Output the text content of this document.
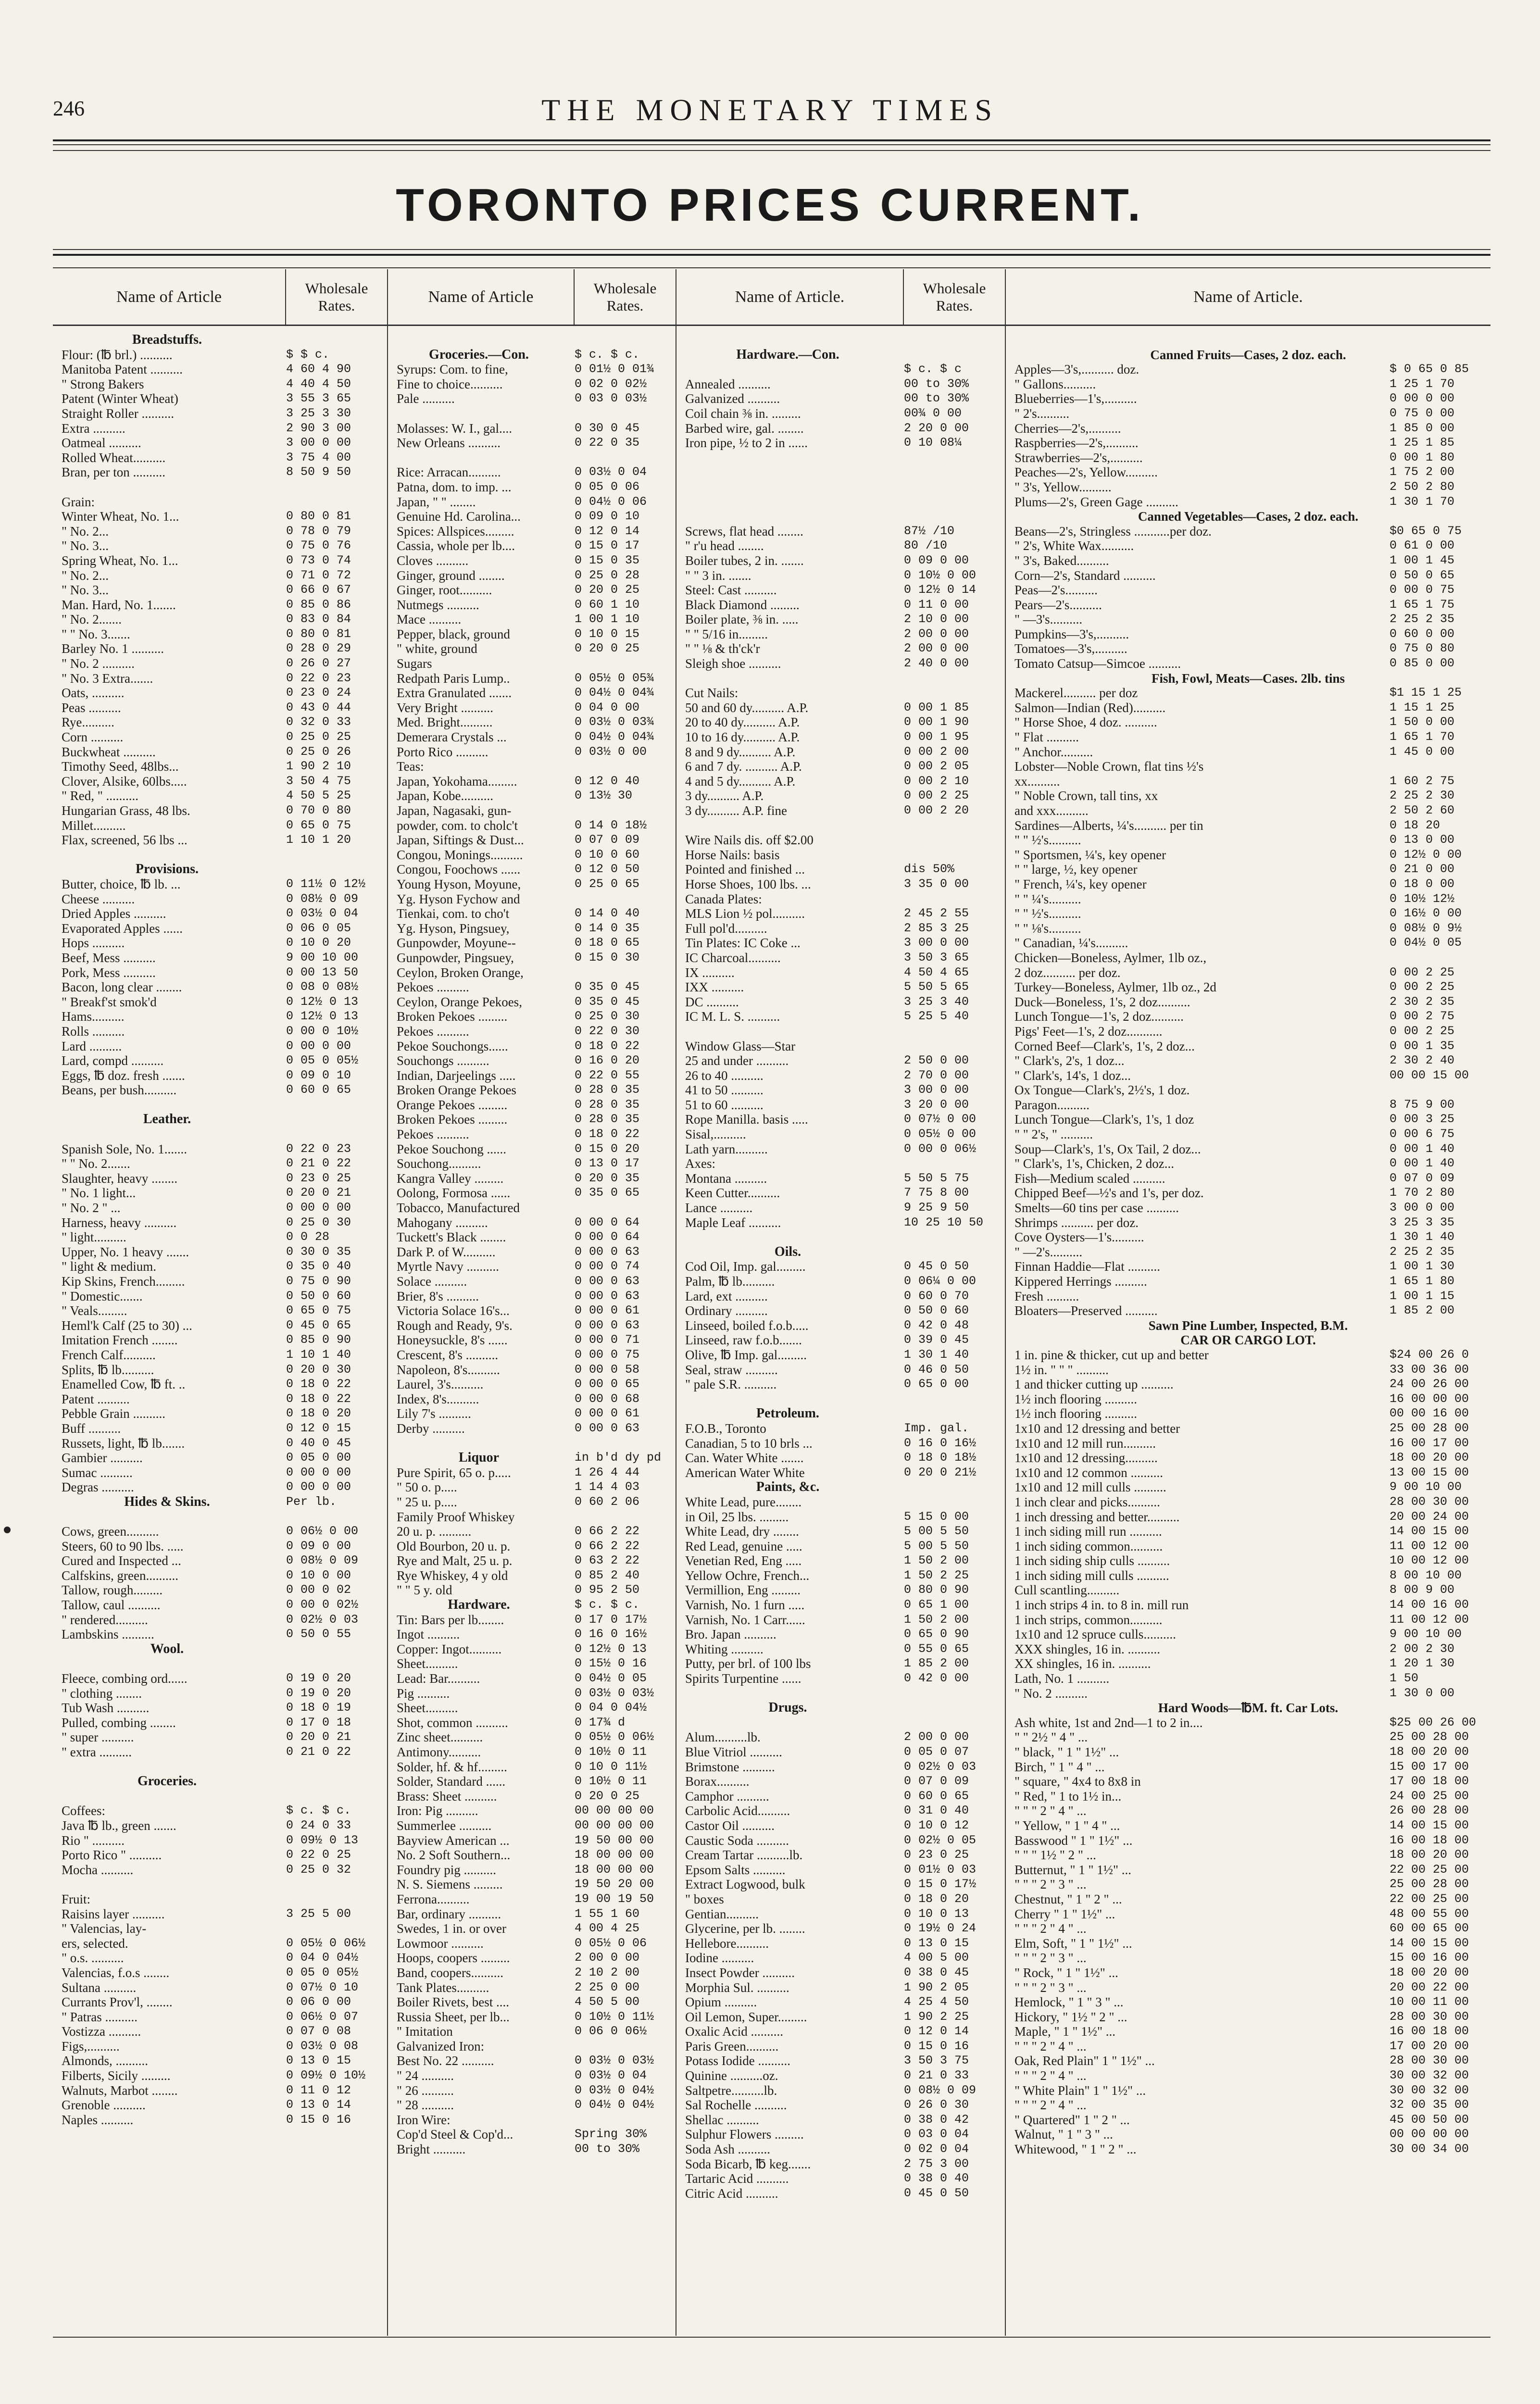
246	THE MONETARY TIMES
TORONTO PRICES CURRENT.
Name of Article	Wholesale Rates.
Breadstuffs.
Flour: (℔ brl.) ..........	$ $ c.
Manitoba Patent ..........	4 60 4 90
" Strong Bakers	4 40 4 50
Patent (Winter Wheat)	3 55 3 65
Straight Roller ..........	3 25 3 30
Extra ..........	2 90 3 00
Oatmeal ..........	3 00 0 00
Rolled Wheat..........	3 75 4 00
Bran, per ton ..........	8 50 9 50
Grain:
Winter Wheat, No. 1...	0 80 0 81
" No. 2...	0 78 0 79
" No. 3...	0 75 0 76
Spring Wheat, No. 1...	0 73 0 74
" No. 2...	0 71 0 72
" No. 3...	0 66 0 67
Man. Hard, No. 1.......	0 85 0 86
" No. 2.......	0 83 0 84
" " No. 3.......	0 80 0 81
Barley No. 1 ..........	0 28 0 29
" No. 2 ..........	0 26 0 27
" No. 3 Extra.......	0 22 0 23
Oats, ..........	0 23 0 24
Peas ..........	0 43 0 44
Rye..........	0 32 0 33
Corn ..........	0 25 0 25
Buckwheat ..........	0 25 0 26
Timothy Seed, 48lbs...	1 90 2 10
Clover, Alsike, 60lbs.....	3 50 4 75
" Red, " ..........	4 50 5 25
Hungarian Grass, 48 lbs.	0 70 0 80
Millet..........	0 65 0 75
Flax, screened, 56 lbs ...	1 10 1 20
Provisions.
Butter, choice, ℔ lb. ...	0 11½ 0 12½
Cheese ..........	0 08½ 0 09
Dried Apples ..........	0 03½ 0 04
Evaporated Apples ......	0 06 0 05
Hops ..........	0 10 0 20
Beef, Mess ..........	9 00 10 00
Pork, Mess ..........	0 00 13 50
Bacon, long clear ........	0 08 0 08½
" Breakf'st smok'd	0 12½ 0 13
Hams..........	0 12½ 0 13
Rolls ..........	0 00 0 10½
Lard ..........	0 00 0 00
Lard, compd ..........	0 05 0 05½
Eggs, ℔ doz. fresh .......	0 09 0 10
Beans, per bush..........	0 60 0 65
Leather.
Spanish Sole, No. 1.......	0 22 0 23
" " No. 2.......	0 21 0 22
Slaughter, heavy ........	0 23 0 25
" No. 1 light...	0 20 0 21
" No. 2 " ...	0 00 0 00
Harness, heavy ..........	0 25 0 30
" light..........	0 0 28
Upper, No. 1 heavy .......	0 30 0 35
" light & medium.	0 35 0 40
Kip Skins, French.........	0 75 0 90
" Domestic.......	0 50 0 60
" Veals.........	0 65 0 75
Heml'k Calf (25 to 30) ...	0 45 0 65
Imitation French ........	0 85 0 90
French Calf..........	1 10 1 40
Splits, ℔ lb..........	0 20 0 30
Enamelled Cow, ℔ ft. ..	0 18 0 22
Patent ..........	0 18 0 22
Pebble Grain ..........	0 18 0 20
Buff ..........	0 12 0 15
Russets, light, ℔ lb.......	0 40 0 45
Gambier ..........	0 05 0 00
Sumac ..........	0 00 0 00
Degras ..........	0 00 0 00
Hides & Skins.	Per lb.
Cows, green..........	0 06½ 0 00
Steers, 60 to 90 lbs. .....	0 09 0 00
Cured and Inspected ...	0 08½ 0 09
Calfskins, green..........	0 10 0 00
Tallow, rough.........	0 00 0 02
Tallow, caul ..........	0 00 0 02½
" rendered..........	0 02½ 0 03
Lambskins ..........	0 50 0 55
Wool.
Fleece, combing ord......	0 19 0 20
" clothing ........	0 19 0 20
Tub Wash ..........	0 18 0 19
Pulled, combing ........	0 17 0 18
" super ..........	0 20 0 21
" extra ..........	0 21 0 22
Groceries.
Coffees:	$ c. $ c.
Java ℔ lb., green .......	0 24 0 33
Rio " ..........	0 09½ 0 13
Porto Rico " ..........	0 22 0 25
Mocha ..........	0 25 0 32
Fruit:
Raisins layer ..........	3 25 5 00
" Valencias, lay-
ers, selected.	0 05½ 0 06½
" o.s. ..........	0 04 0 04½
Valencias, f.o.s ........	0 05 0 05½
Sultana ..........	0 07½ 0 10
Currants Prov'l, ........	0 06 0 00
" Patras ..........	0 06½ 0 07
Vostizza ..........	0 07 0 08
Figs,..........	0 03½ 0 08
Almonds, ..........	0 13 0 15
Filberts, Sicily .........	0 09½ 0 10½
Walnuts, Marbot ........	0 11 0 12
Grenoble ..........	0 13 0 14
Naples ..........	0 15 0 16
Name of Article	Wholesale Rates.
Groceries.—Con.	$ c. $ c.
Syrups: Com. to fine,	0 01½ 0 01¾
Fine to choice..........	0 02 0 02½
Pale ..........	0 03 0 03½
Molasses: W. I., gal....	0 30 0 45
New Orleans ..........	0 22 0 35
Rice: Arracan..........	0 03½ 0 04
Patna, dom. to imp. ...	0 05 0 06
Japan, " " ........	0 04½ 0 06
Genuine Hd. Carolina...	0 09 0 10
Spices: Allspices.........	0 12 0 14
Cassia, whole per lb....	0 15 0 17
Cloves ..........	0 15 0 35
Ginger, ground ........	0 25 0 28
Ginger, root..........	0 20 0 25
Nutmegs ..........	0 60 1 10
Mace ..........	1 00 1 10
Pepper, black, ground	0 10 0 15
" white, ground	0 20 0 25
Sugars
Redpath Paris Lump..	0 05½ 0 05¾
Extra Granulated .......	0 04½ 0 04¾
Very Bright ..........	0 04 0 00
Med. Bright..........	0 03½ 0 03¾
Demerara Crystals ...	0 04½ 0 04¾
Porto Rico ..........	0 03½ 0 00
Teas:
Japan, Yokohama.........	0 12 0 40
Japan, Kobe..........	0 13½ 30
Japan, Nagasaki, gun-
powder, com. to cholc't	0 14 0 18½
Japan, Siftings & Dust...	0 07 0 09
Congou, Monings..........	0 10 0 60
Congou, Foochows ......	0 12 0 50
Young Hyson, Moyune,	0 25 0 65
Yg. Hyson Fychow and
Tienkai, com. to cho't	0 14 0 40
Yg. Hyson, Pingsuey,	0 14 0 35
Gunpowder, Moyune--	0 18 0 65
Gunpowder, Pingsuey,	0 15 0 30
Ceylon, Broken Orange,
Pekoes ..........	0 35 0 45
Ceylon, Orange Pekoes,	0 35 0 45
Broken Pekoes .........	0 25 0 30
Pekoes ..........	0 22 0 30
Pekoe Souchongs......	0 18 0 22
Souchongs ..........	0 16 0 20
Indian, Darjeelings .....	0 22 0 55
Broken Orange Pekoes	0 28 0 35
Orange Pekoes .........	0 28 0 35
Broken Pekoes .........	0 28 0 35
Pekoes ..........	0 18 0 22
Pekoe Souchong ......	0 15 0 20
Souchong..........	0 13 0 17
Kangra Valley .........	0 20 0 35
Oolong, Formosa ......	0 35 0 65
Tobacco, Manufactured
Mahogany ..........	0 00 0 64
Tuckett's Black ........	0 00 0 64
Dark P. of W..........	0 00 0 63
Myrtle Navy ..........	0 00 0 74
Solace ..........	0 00 0 63
Brier, 8's ..........	0 00 0 63
Victoria Solace 16's...	0 00 0 61
Rough and Ready, 9's.	0 00 0 63
Honeysuckle, 8's ......	0 00 0 71
Crescent, 8's ..........	0 00 0 75
Napoleon, 8's..........	0 00 0 58
Laurel, 3's..........	0 00 0 65
Index, 8's..........	0 00 0 68
Lily 7's ..........	0 00 0 61
Derby ..........	0 00 0 63
Liquor	in b'd dy pd
Pure Spirit, 65 o. p.....	1 26 4 44
" 50 o. p.....	1 14 4 03
" 25 u. p.....	0 60 2 06
Family Proof Whiskey
20 u. p. ..........	0 66 2 22
Old Bourbon, 20 u. p.	0 66 2 22
Rye and Malt, 25 u. p.	0 63 2 22
Rye Whiskey, 4 y old	0 85 2 40
" " 5 y. old	0 95 2 50
Hardware.	$ c. $ c.
Tin: Bars per lb........	0 17 0 17½
Ingot ..........	0 16 0 16½
Copper: Ingot..........	0 12½ 0 13
Sheet..........	0 15½ 0 16
Lead: Bar..........	0 04½ 0 05
Pig ..........	0 03½ 0 03½
Sheet..........	0 04 0 04½
Shot, common ..........	0 17¾ d
Zinc sheet..........	0 05½ 0 06½
Antimony..........	0 10½ 0 11
Solder, hf. & hf.........	0 10 0 11½
Solder, Standard ......	0 10½ 0 11
Brass: Sheet ..........	0 20 0 25
Iron: Pig ..........	00 00 00 00
Summerlee ..........	00 00 00 00
Bayview American ...	19 50 00 00
No. 2 Soft Southern...	18 00 00 00
Foundry pig ..........	18 00 00 00
N. S. Siemens .........	19 50 20 00
Ferrona..........	19 00 19 50
Bar, ordinary ..........	1 55 1 60
Swedes, 1 in. or over	4 00 4 25
Lowmoor ..........	0 05½ 0 06
Hoops, coopers .........	2 00 0 00
Band, coopers..........	2 10 2 00
Tank Plates..........	2 25 0 00
Boiler Rivets, best ....	4 50 5 00
Russia Sheet, per lb...	0 10½ 0 11½
" Imitation	0 06 0 06½
Galvanized Iron:
Best No. 22 ..........	0 03½ 0 03½
" 24 ..........	0 03½ 0 04
" 26 ..........	0 03½ 0 04½
" 28 ..........	0 04½ 0 04½
Iron Wire:
Cop'd Steel & Cop'd...	Spring 30%
Bright ..........	00 to 30%
Name of Article.	Wholesale Rates.
Hardware.—Con.
$ c. $ c
Annealed ..........	00 to 30%
Galvanized ..........	00 to 30%
Coil chain ⅜ in. .........	00¾ 0 00
Barbed wire, gal. ........	2 20 0 00
Iron pipe, ½ to 2 in ......	0 10 08¼
Screws, flat head ........	87½ /10
" r'u head ........	80 /10
Boiler tubes, 2 in. .......	0 09 0 00
" " 3 in. .......	0 10½ 0 00
Steel: Cast ..........	0 12½ 0 14
Black Diamond .........	0 11 0 00
Boiler plate, ⅜ in. .....	2 10 0 00
" " 5/16 in.........	2 00 0 00
" " ⅛ & th'ck'r	2 00 0 00
Sleigh shoe ..........	2 40 0 00
Cut Nails:
50 and 60 dy.......... A.P.	0 00 1 85
20 to 40 dy.......... A.P.	0 00 1 90
10 to 16 dy.......... A.P.	0 00 1 95
8 and 9 dy.......... A.P.	0 00 2 00
6 and 7 dy. .......... A.P.	0 00 2 05
4 and 5 dy.......... A.P.	0 00 2 10
3 dy.......... A.P.	0 00 2 25
3 dy.......... A.P. fine	0 00 2 20
Wire Nails dis. off $2.00
Horse Nails: basis
Pointed and finished ...	dis 50%
Horse Shoes, 100 lbs. ...	3 35 0 00
Canada Plates:
MLS Lion ½ pol..........	2 45 2 55
Full pol'd..........	2 85 3 25
Tin Plates: IC Coke ...	3 00 0 00
IC Charcoal..........	3 50 3 65
IX ..........	4 50 4 65
IXX ..........	5 50 5 65
DC ..........	3 25 3 40
IC M. L. S. ..........	5 25 5 40
Window Glass—Star
25 and under ..........	2 50 0 00
26 to 40 ..........	2 70 0 00
41 to 50 ..........	3 00 0 00
51 to 60 ..........	3 20 0 00
Rope Manilla. basis .....	0 07½ 0 00
Sisal,..........	0 05½ 0 00
Lath yarn..........	0 00 0 06½
Axes:
Montana ..........	5 50 5 75
Keen Cutter..........	7 75 8 00
Lance ..........	9 25 9 50
Maple Leaf ..........	10 25 10 50
Oils.
Cod Oil, Imp. gal.........	0 45 0 50
Palm, ℔ lb..........	0 06¼ 0 00
Lard, ext ..........	0 60 0 70
Ordinary ..........	0 50 0 60
Linseed, boiled f.o.b.....	0 42 0 48
Linseed, raw f.o.b.......	0 39 0 45
Olive, ℔ Imp. gal.........	1 30 1 40
Seal, straw ..........	0 46 0 50
" pale S.R. ..........	0 65 0 00
Petroleum.
F.O.B., Toronto	Imp. gal.
Canadian, 5 to 10 brls ...	0 16 0 16½
Can. Water White .......	0 18 0 18½
American Water White	0 20 0 21½
Paints, &c.
White Lead, pure........
in Oil, 25 lbs. .........	5 15 0 00
White Lead, dry ........	5 00 5 50
Red Lead, genuine .....	5 00 5 50
Venetian Red, Eng .....	1 50 2 00
Yellow Ochre, French...	1 50 2 25
Vermillion, Eng .........	0 80 0 90
Varnish, No. 1 furn .....	0 65 1 00
Varnish, No. 1 Carr......	1 50 2 00
Bro. Japan ..........	0 65 0 90
Whiting ..........	0 55 0 65
Putty, per brl. of 100 lbs	1 85 2 00
Spirits Turpentine ......	0 42 0 00
Drugs.
Alum..........lb.	2 00 0 00
Blue Vitriol ..........	0 05 0 07
Brimstone ..........	0 02½ 0 03
Borax..........	0 07 0 09
Camphor ..........	0 60 0 65
Carbolic Acid..........	0 31 0 40
Castor Oil ..........	0 10 0 12
Caustic Soda ..........	0 02½ 0 05
Cream Tartar ..........lb.	0 23 0 25
Epsom Salts ..........	0 01½ 0 03
Extract Logwood, bulk	0 15 0 17½
" boxes	0 18 0 20
Gentian..........	0 10 0 13
Glycerine, per lb. ........	0 19½ 0 24
Hellebore..........	0 13 0 15
Iodine ..........	4 00 5 00
Insect Powder ..........	0 38 0 45
Morphia Sul. ..........	1 90 2 05
Opium ..........	4 25 4 50
Oil Lemon, Super.........	1 90 2 25
Oxalic Acid ..........	0 12 0 14
Paris Green..........	0 15 0 16
Potass Iodide ..........	3 50 3 75
Quinine ..........oz.	0 21 0 33
Saltpetre..........lb.	0 08½ 0 09
Sal Rochelle ..........	0 26 0 30
Shellac ..........	0 38 0 42
Sulphur Flowers .........	0 03 0 04
Soda Ash ..........	0 02 0 04
Soda Bicarb, ℔ keg.......	2 75 3 00
Tartaric Acid ..........	0 38 0 40
Citric Acid ..........	0 45 0 50
Name of Article.
Canned Fruits—Cases, 2 doz. each.
Apples—3's,.......... doz.	$ 0 65 0 85
" Gallons..........	1 25 1 70
Blueberries—1's,..........	0 00 0 00
" 2's..........	0 75 0 00
Cherries—2's,..........	1 85 0 00
Raspberries—2's,..........	1 25 1 85
Strawberries—2's,..........	0 00 1 80
Peaches—2's, Yellow..........	1 75 2 00
" 3's, Yellow..........	2 50 2 80
Plums—2's, Green Gage ..........	1 30 1 70
Canned Vegetables—Cases, 2 doz. each.
Beans—2's, Stringless ...........per doz.	$0 65 0 75
" 2's, White Wax..........	0 61 0 00
" 3's, Baked..........	1 00 1 45
Corn—2's, Standard ..........	0 50 0 65
Peas—2's..........	0 00 0 75
Pears—2's..........	1 65 1 75
" —3's..........	2 25 2 35
Pumpkins—3's,..........	0 60 0 00
Tomatoes—3's,..........	0 75 0 80
Tomato Catsup—Simcoe ..........	0 85 0 00
Fish, Fowl, Meats—Cases. 2lb. tins
Mackerel.......... per doz	$1 15 1 25
Salmon—Indian (Red)..........	1 15 1 25
" Horse Shoe, 4 doz. ..........	1 50 0 00
" Flat ..........	1 65 1 70
" Anchor..........	1 45 0 00
Lobster—Noble Crown, flat tins ½'s
xx..........	1 60 2 75
" Noble Crown, tall tins, xx	2 25 2 30
and xxx..........	2 50 2 60
Sardines—Alberts, ¼'s.......... per tin	0 18 20
" " ½'s..........	0 13 0 00
" Sportsmen, ¼'s, key opener	0 12½ 0 00
" " large, ½, key opener	0 21 0 00
" French, ¼'s, key opener	0 18 0 00
" " ¼'s..........	0 10½ 12½
" " ½'s..........	0 16½ 0 00
" " ⅛'s..........	0 08½ 0 9½
" Canadian, ¼'s..........	0 04½ 0 05
Chicken—Boneless, Aylmer, 1lb oz.,
2 doz.......... per doz.	0 00 2 25
Turkey—Boneless, Aylmer, 1lb oz., 2d	0 00 2 25
Duck—Boneless, 1's, 2 doz..........	2 30 2 35
Lunch Tongue—1's, 2 doz..........	0 00 2 75
Pigs' Feet—1's, 2 doz...........	0 00 2 25
Corned Beef—Clark's, 1's, 2 doz...	0 00 1 35
" Clark's, 2's, 1 doz...	2 30 2 40
" Clark's, 14's, 1 doz...	00 00 15 00
Ox Tongue—Clark's, 2½'s, 1 doz.
Paragon..........	8 75 9 00
Lunch Tongue—Clark's, 1's, 1 doz	0 00 3 25
" " 2's, " ..........	0 00 6 75
Soup—Clark's, 1's, Ox Tail, 2 doz...	0 00 1 40
" Clark's, 1's, Chicken, 2 doz...	0 00 1 40
Fish—Medium scaled ..........	0 07 0 09
Chipped Beef—½'s and 1's, per doz.	1 70 2 80
Smelts—60 tins per case ..........	3 00 0 00
Shrimps .......... per doz.	3 25 3 35
Cove Oysters—1's..........	1 30 1 40
" —2's..........	2 25 2 35
Finnan Haddie—Flat ..........	1 00 1 30
Kippered Herrings ..........	1 65 1 80
Fresh ..........	1 00 1 15
Bloaters—Preserved ..........	1 85 2 00
Sawn Pine Lumber, Inspected, B.M.
CAR OR CARGO LOT.
1 in. pine & thicker, cut up and better	$24 00 26 0
1½ in. " " " ..........	33 00 36 00
1 and thicker cutting up ..........	24 00 26 00
1½ inch flooring ..........	16 00 00 00
1½ inch flooring ..........	00 00 16 00
1x10 and 12 dressing and better	25 00 28 00
1x10 and 12 mill run..........	16 00 17 00
1x10 and 12 dressing..........	18 00 20 00
1x10 and 12 common ..........	13 00 15 00
1x10 and 12 mill culls ..........	9 00 10 00
1 inch clear and picks..........	28 00 30 00
1 inch dressing and better..........	20 00 24 00
1 inch siding mill run ..........	14 00 15 00
1 inch siding common..........	11 00 12 00
1 inch siding ship culls ..........	10 00 12 00
1 inch siding mill culls ..........	8 00 10 00
Cull scantling..........	8 00 9 00
1 inch strips 4 in. to 8 in. mill run	14 00 16 00
1 inch strips, common..........	11 00 12 00
1x10 and 12 spruce culls..........	9 00 10 00
XXX shingles, 16 in. ..........	2 00 2 30
XX shingles, 16 in. ..........	1 20 1 30
Lath, No. 1 ..........	1 50
" No. 2 ..........	1 30 0 00
Hard Woods—℔M. ft. Car Lots.
Ash white, 1st and 2nd—1 to 2 in....	$25 00 26 00
" " 2½ " 4 " ...	25 00 28 00
" black, " 1 " 1½" ...	18 00 20 00
Birch, " 1 " 4 " ...	15 00 17 00
" square, " 4x4 to 8x8 in	17 00 18 00
" Red, " 1 to 1½ in...	24 00 25 00
" " " 2 " 4 " ...	26 00 28 00
" Yellow, " 1 " 4 " ...	14 00 15 00
Basswood " 1 " 1½" ...	16 00 18 00
" " " 1½ " 2 " ...	18 00 20 00
Butternut, " 1 " 1½" ...	22 00 25 00
" " " 2 " 3 " ...	25 00 28 00
Chestnut, " 1 " 2 " ...	22 00 25 00
Cherry " 1 " 1½" ...	48 00 55 00
" " " 2 " 4 " ...	60 00 65 00
Elm, Soft, " 1 " 1½" ...	14 00 15 00
" " " 2 " 3 " ...	15 00 16 00
" Rock, " 1 " 1½" ...	18 00 20 00
" " " 2 " 3 " ...	20 00 22 00
Hemlock, " 1 " 3 " ...	10 00 11 00
Hickory, " 1½ " 2 " ...	28 00 30 00
Maple, " 1 " 1½" ...	16 00 18 00
" " " 2 " 4 " ...	17 00 20 00
Oak, Red Plain" 1 " 1½" ...	28 00 30 00
" " " 2 " 4 " ...	30 00 32 00
" White Plain" 1 " 1½" ...	30 00 32 00
" " " 2 " 4 " ...	32 00 35 00
" Quartered" 1 " 2 " ...	45 00 50 00
Walnut, " 1 " 3 " ...	00 00 00 00
Whitewood, " 1 " 2 " ...	30 00 34 00
